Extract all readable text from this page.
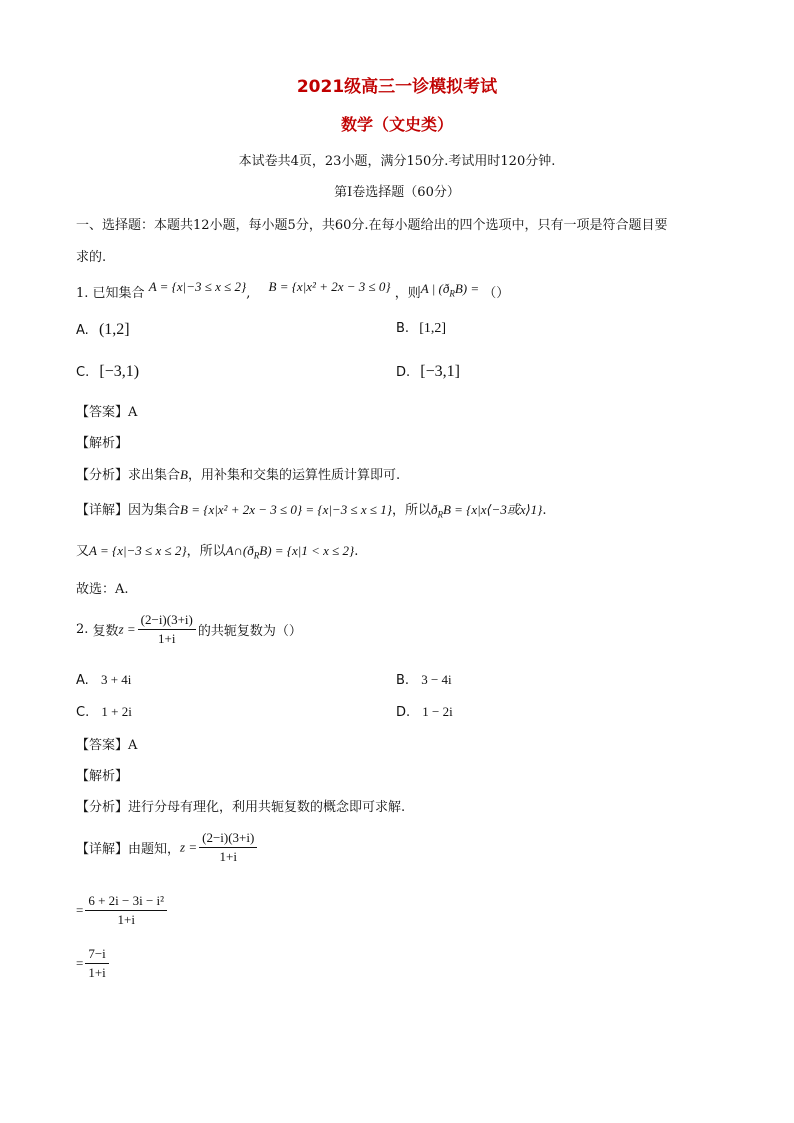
2021级高三一诊模拟考试
数学（文史类）
本试卷共4页，23小题，满分150分.考试用时120分钟.
第I卷选择题（60分）
一、选择题：本题共12小题，每小题5分，共60分.在每小题给出的四个选项中，只有一项是符合题目要
求的.
1. 已知集合 A = {x|−3 ≤ x ≤ 2}, B = {x|x² + 2x − 3 ≤ 0} ，则A | $(ð_RB)$ = （）
A. (1,2]	B. [1,2]
C. [−3,1)	D. [−3,1]
【答案】A
【解析】
【分析】求出集合B，用补集和交集的运算性质计算即可.
【详解】因为集合B = {x|x² + 2x − 3 ≤ 0} = {x|−3 ≤ x ≤ 1}，所以$ð_RB$ = {x|x⟨−3或x⟩1}.
又A = {x|−3 ≤ x ≤ 2}，所以$A\cap(ð_RB) = \{x|1 < x \le 2\}$.
故选：A.
2. 复数$z = \frac{(2-i)(3+i)}{1+i}$ 的共轭复数为（）
A. 3 + 4i	B. 3 − 4i
C. 1 + 2i	D. 1 − 2i
【答案】A
【解析】
【分析】进行分母有理化，利用共轭复数的概念即可求解.
【详解】由题知，$z = \frac{(2-i)(3+i)}{1+i}$
= $\frac{\text{6 + 2i − 3i − i²}}{1+i}$
= $\frac{7-i}{1+i}$
